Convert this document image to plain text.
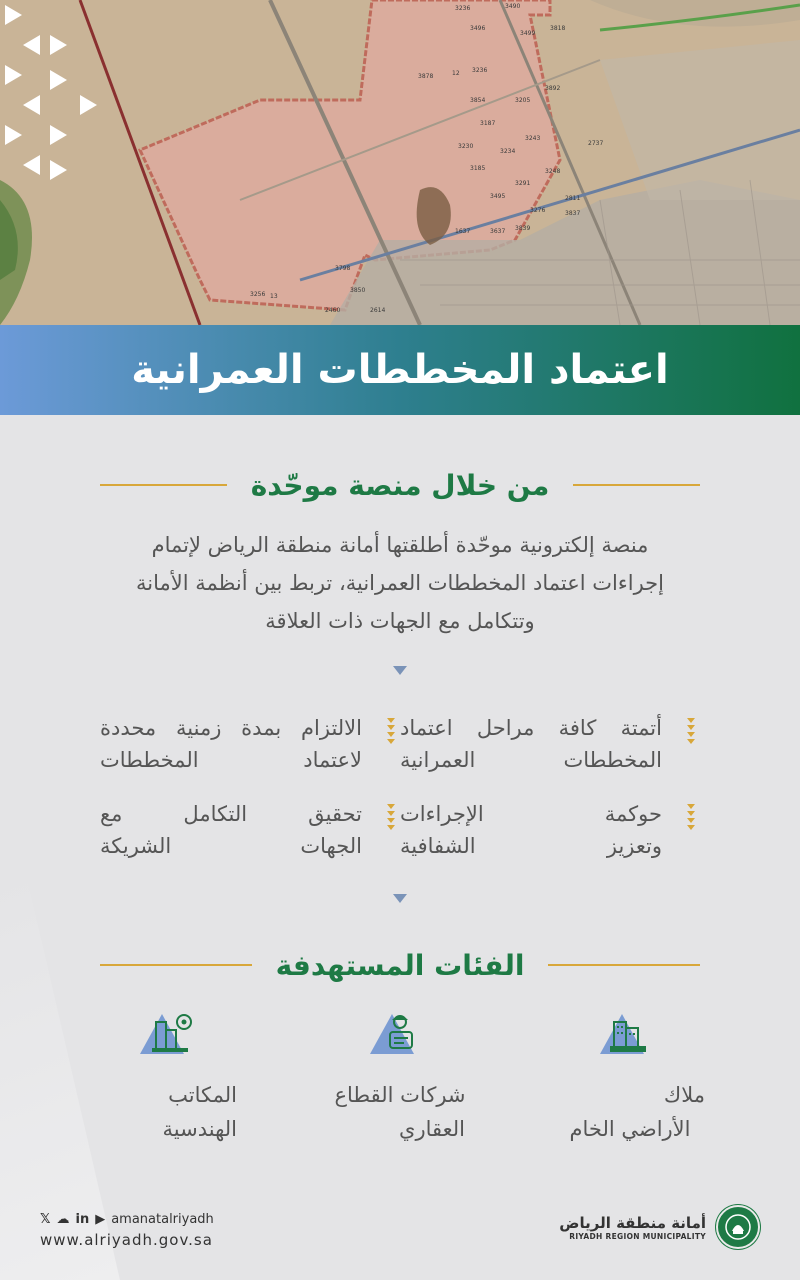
3236	3490
3496
3499
3818
3878
3236
3892
3854	3205
3187
3243
2737
3230
3234
3185	3248
3291
3495
3276	3837
3839
2811
3637
1637
3798
3850
3256
2460	2614
13
12
اعتماد المخططات العمرانية
من خلال منصة موحّدة
منصة إلكترونية موحّدة أطلقتها أمانة منطقة الرياض لإتمام
إجراءات اعتماد المخططات العمرانية، تربط بين أنظمة الأمانة
وتتكامل مع الجهات ذات العلاقة
أتمتة كافة مراحل اعتماد
المخططات العمرانية
الالتزام بمدة زمنية محددة
لاعتماد المخططات
حوكمة الإجراءات
وتعزيز الشفافية
تحقيق التكامل مع
الجهات الشريكة
الفئات المستهدفة
ملاك
الأراضي الخام
شركات القطاع
العقاري
المكاتب
الهندسية
𝕏 ☁ in ▶ amanatalriyadh
www.alriyadh.gov.sa
أمانة منطقة الرياض
RIYADH REGION MUNICIPALITY
